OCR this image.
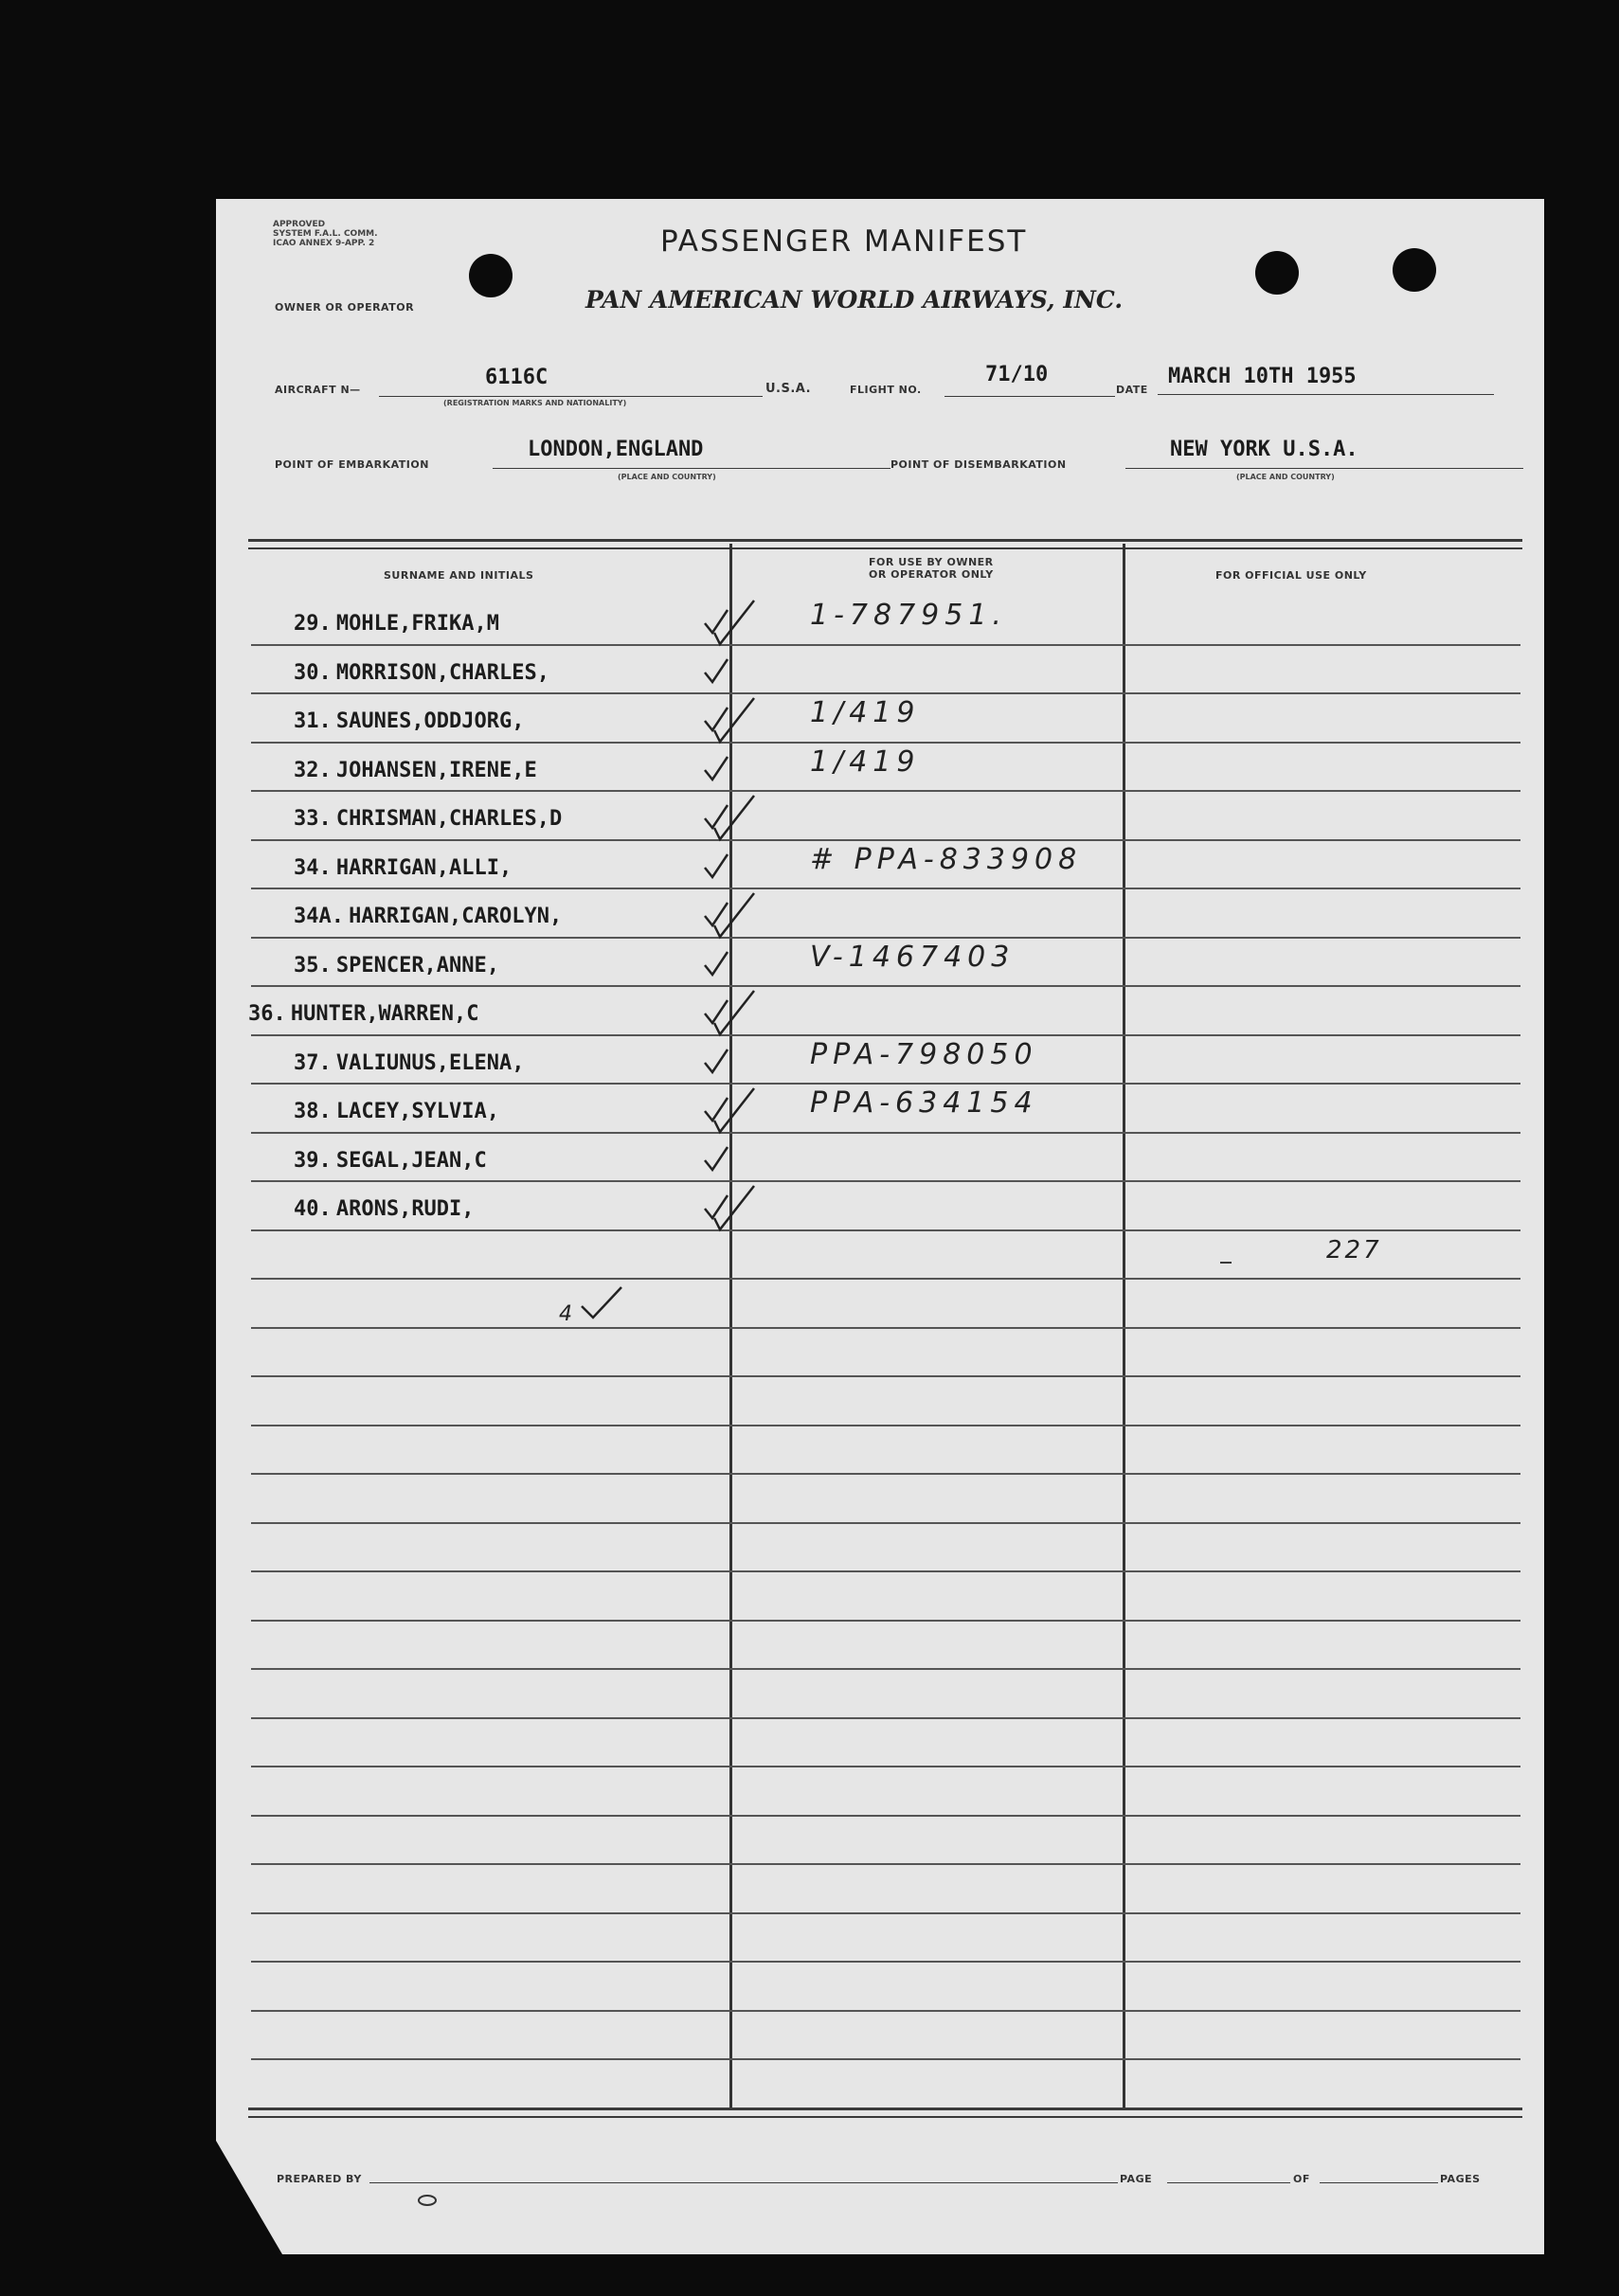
APPROVED
SYSTEM F.A.L. COMM.
ICAO ANNEX 9-APP. 2	PASSENGER MANIFEST
OWNER OR OPERATOR	PAN AMERICAN WORLD AIRWAYS, INC.
AIRCRAFT N—
6116C
(REGISTRATION MARKS AND NATIONALITY)
U.S.A.	FLIGHT NO.
71/10
DATE
MARCH 10TH 1955
POINT OF EMBARKATION
LONDON,ENGLAND
(PLACE AND COUNTRY)
POINT OF DISEMBARKATION
NEW YORK U.S.A.
(PLACE AND COUNTRY)
SURNAME AND INITIALS
FOR USE BY OWNER
OR OPERATOR ONLY	FOR OFFICIAL USE ONLY
29. MOHLE,FRIKA,M	1-787951.
30. MORRISON,CHARLES,
31. SAUNES,ODDJORG,	1/419
32. JOHANSEN,IRENE,E	1/419
33. CHRISMAN,CHARLES,D
34. HARRIGAN,ALLI,	# PPA-833908
34A. HARRIGAN,CAROLYN,
35. SPENCER,ANNE,	V-1467403
36. HUNTER,WARREN,C
37. VALIUNUS,ELENA,	PPA-798050
38. LACEY,SYLVIA,	PPA-634154
39. SEGAL,JEAN,C
40. ARONS,RUDI,
227
4
PREPARED BY	PAGE	OF	PAGES
